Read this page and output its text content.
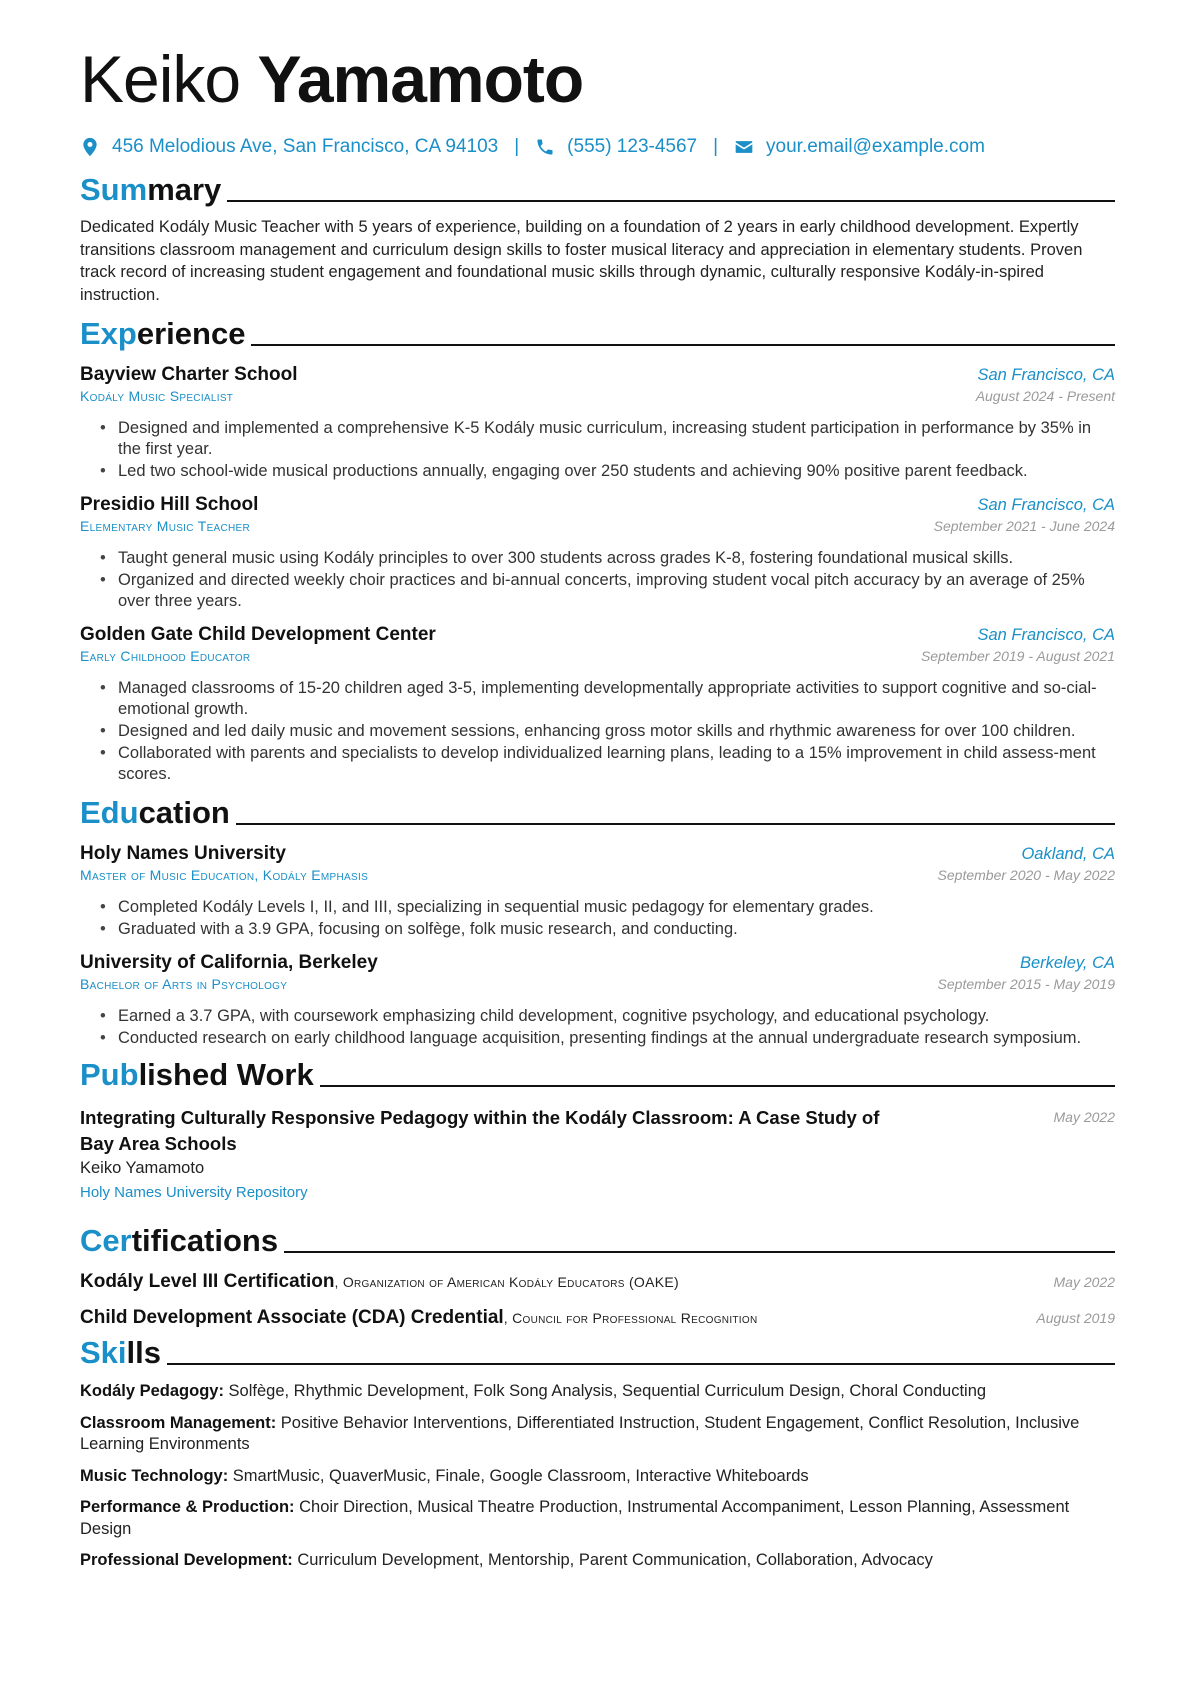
Keiko Yamamoto
456 Melodious Ave, San Francisco, CA 94103 |	(555) 123-4567 |	your.email@example.com
Summary
Dedicated Kodály Music Teacher with 5 years of experience, building on a foundation of 2 years in early childhood development. Expertly transitions classroom management and curriculum design skills to foster musical literacy and appreciation in elementary students. Proven track record of increasing student engagement and foundational music skills through dynamic, culturally responsive Kodály-in-spired instruction.
Experience
Bayview Charter School	San Francisco, CA
Kodály Music Specialist	August 2024 - Present
• Designed and implemented a comprehensive K-5 Kodály music curriculum, increasing student participation in performance by 35% in the first year.
• Led two school-wide musical productions annually, engaging over 250 students and achieving 90% positive parent feedback.
Presidio Hill School	San Francisco, CA
Elementary Music Teacher	September 2021 - June 2024
• Taught general music using Kodály principles to over 300 students across grades K-8, fostering foundational musical skills.
• Organized and directed weekly choir practices and bi-annual concerts, improving student vocal pitch accuracy by an average of 25% over three years.
Golden Gate Child Development Center	San Francisco, CA
Early Childhood Educator	September 2019 - August 2021
• Managed classrooms of 15-20 children aged 3-5, implementing developmentally appropriate activities to support cognitive and so-cial-emotional growth.
• Designed and led daily music and movement sessions, enhancing gross motor skills and rhythmic awareness for over 100 children.
• Collaborated with parents and specialists to develop individualized learning plans, leading to a 15% improvement in child assess-ment scores.
Education
Holy Names University	Oakland, CA
Master of Music Education, Kodály Emphasis	September 2020 - May 2022
• Completed Kodály Levels I, II, and III, specializing in sequential music pedagogy for elementary grades.
• Graduated with a 3.9 GPA, focusing on solfège, folk music research, and conducting.
University of California, Berkeley	Berkeley, CA
Bachelor of Arts in Psychology	September 2015 - May 2019
• Earned a 3.7 GPA, with coursework emphasizing child development, cognitive psychology, and educational psychology.
• Conducted research on early childhood language acquisition, presenting findings at the annual undergraduate research symposium.
Published Work
Integrating Culturally Responsive Pedagogy within the Kodály Classroom: A Case Study of Bay Area Schools
May 2022
Keiko Yamamoto
Holy Names University Repository
Certifications
Kodály Level III Certification, Organization of American Kodály Educators (OAKE)	May 2022
Child Development Associate (CDA) Credential, Council for Professional Recognition	August 2019
Skills
Kodály Pedagogy: Solfège, Rhythmic Development, Folk Song Analysis, Sequential Curriculum Design, Choral Conducting
Classroom Management: Positive Behavior Interventions, Differentiated Instruction, Student Engagement, Conflict Resolution, Inclusive Learning Environments
Music Technology: SmartMusic, QuaverMusic, Finale, Google Classroom, Interactive Whiteboards
Performance & Production: Choir Direction, Musical Theatre Production, Instrumental Accompaniment, Lesson Planning, Assessment Design
Professional Development: Curriculum Development, Mentorship, Parent Communication, Collaboration, Advocacy
